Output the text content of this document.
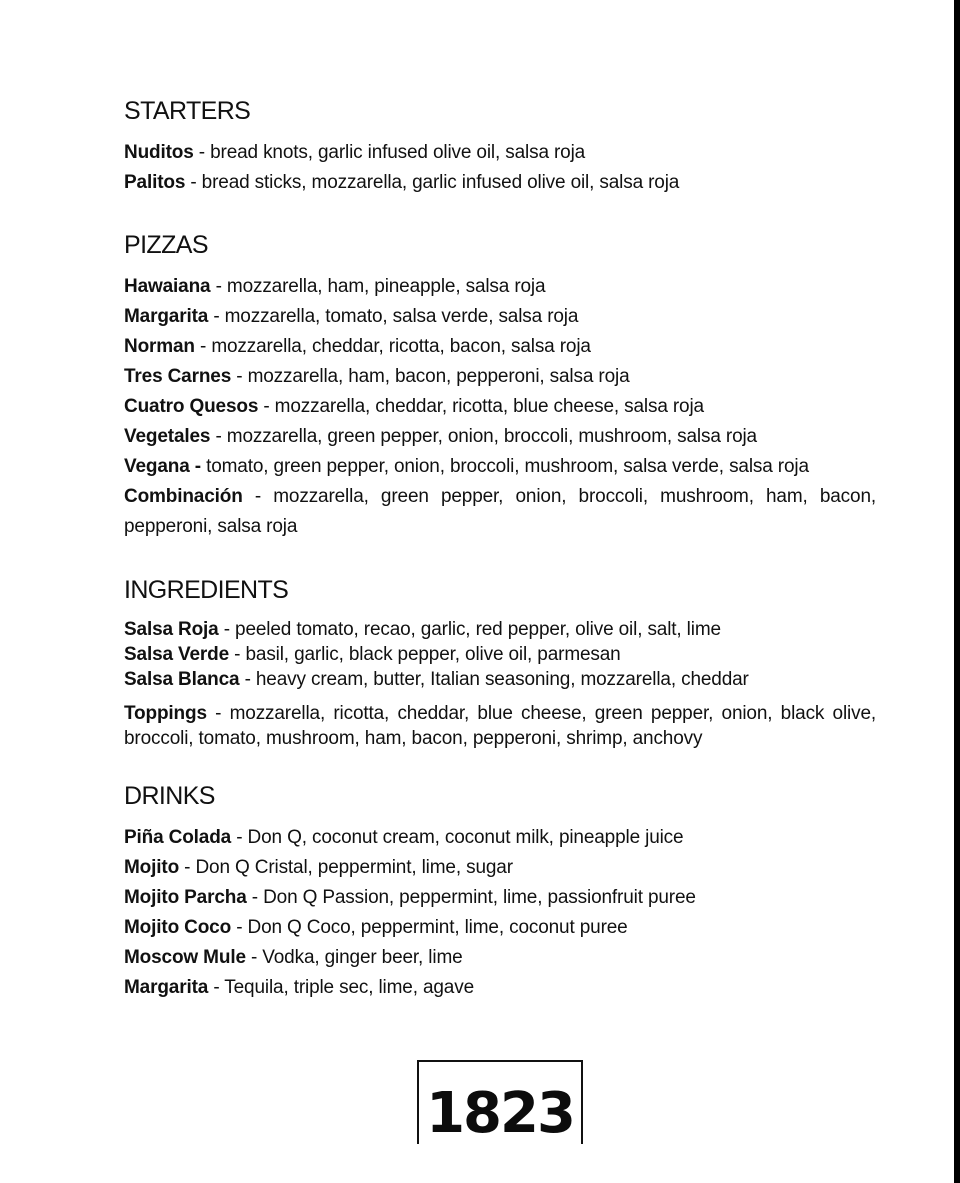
STARTERS

Nuditos - bread knots, garlic infused olive oil, salsa roja

Palitos - bread sticks, mozzarella, garlic infused olive oil, salsa roja

PIZZAS

Hawaiana - mozzarella, ham, pineapple, salsa roja

Margarita - mozzarella, tomato, salsa verde, salsa roja

Norman - mozzarella, cheddar, ricotta, bacon, salsa roja

Tres Carnes - mozzarella, ham, bacon, pepperoni, salsa roja

Cuatro Quesos - mozzarella, cheddar, ricotta, blue cheese, salsa roja

Vegetales - mozzarella, green pepper, onion, broccoli, mushroom, salsa roja

Vegana - tomato, green pepper, onion, broccoli, mushroom, salsa verde, salsa roja

Combinación - mozzarella, green pepper, onion, broccoli, mushroom, ham, bacon, pepperoni, salsa roja

INGREDIENTS

Salsa Roja - peeled tomato, recao, garlic, red pepper, olive oil, salt, lime

Salsa Verde - basil, garlic, black pepper, olive oil, parmesan

Salsa Blanca - heavy cream, butter, Italian seasoning, mozzarella, cheddar

Toppings - mozzarella, ricotta, cheddar, blue cheese, green pepper, onion, black olive, broccoli, tomato, mushroom, ham, bacon, pepperoni, shrimp, anchovy

DRINKS

Piña Colada - Don Q, coconut cream, coconut milk, pineapple juice

Mojito - Don Q Cristal, peppermint, lime, sugar

Mojito Parcha - Don Q Passion, peppermint, lime, passionfruit puree

Mojito Coco - Don Q Coco, peppermint, lime, coconut puree

Moscow Mule - Vodka, ginger beer, lime

Margarita - Tequila, triple sec, lime, agave

1823
